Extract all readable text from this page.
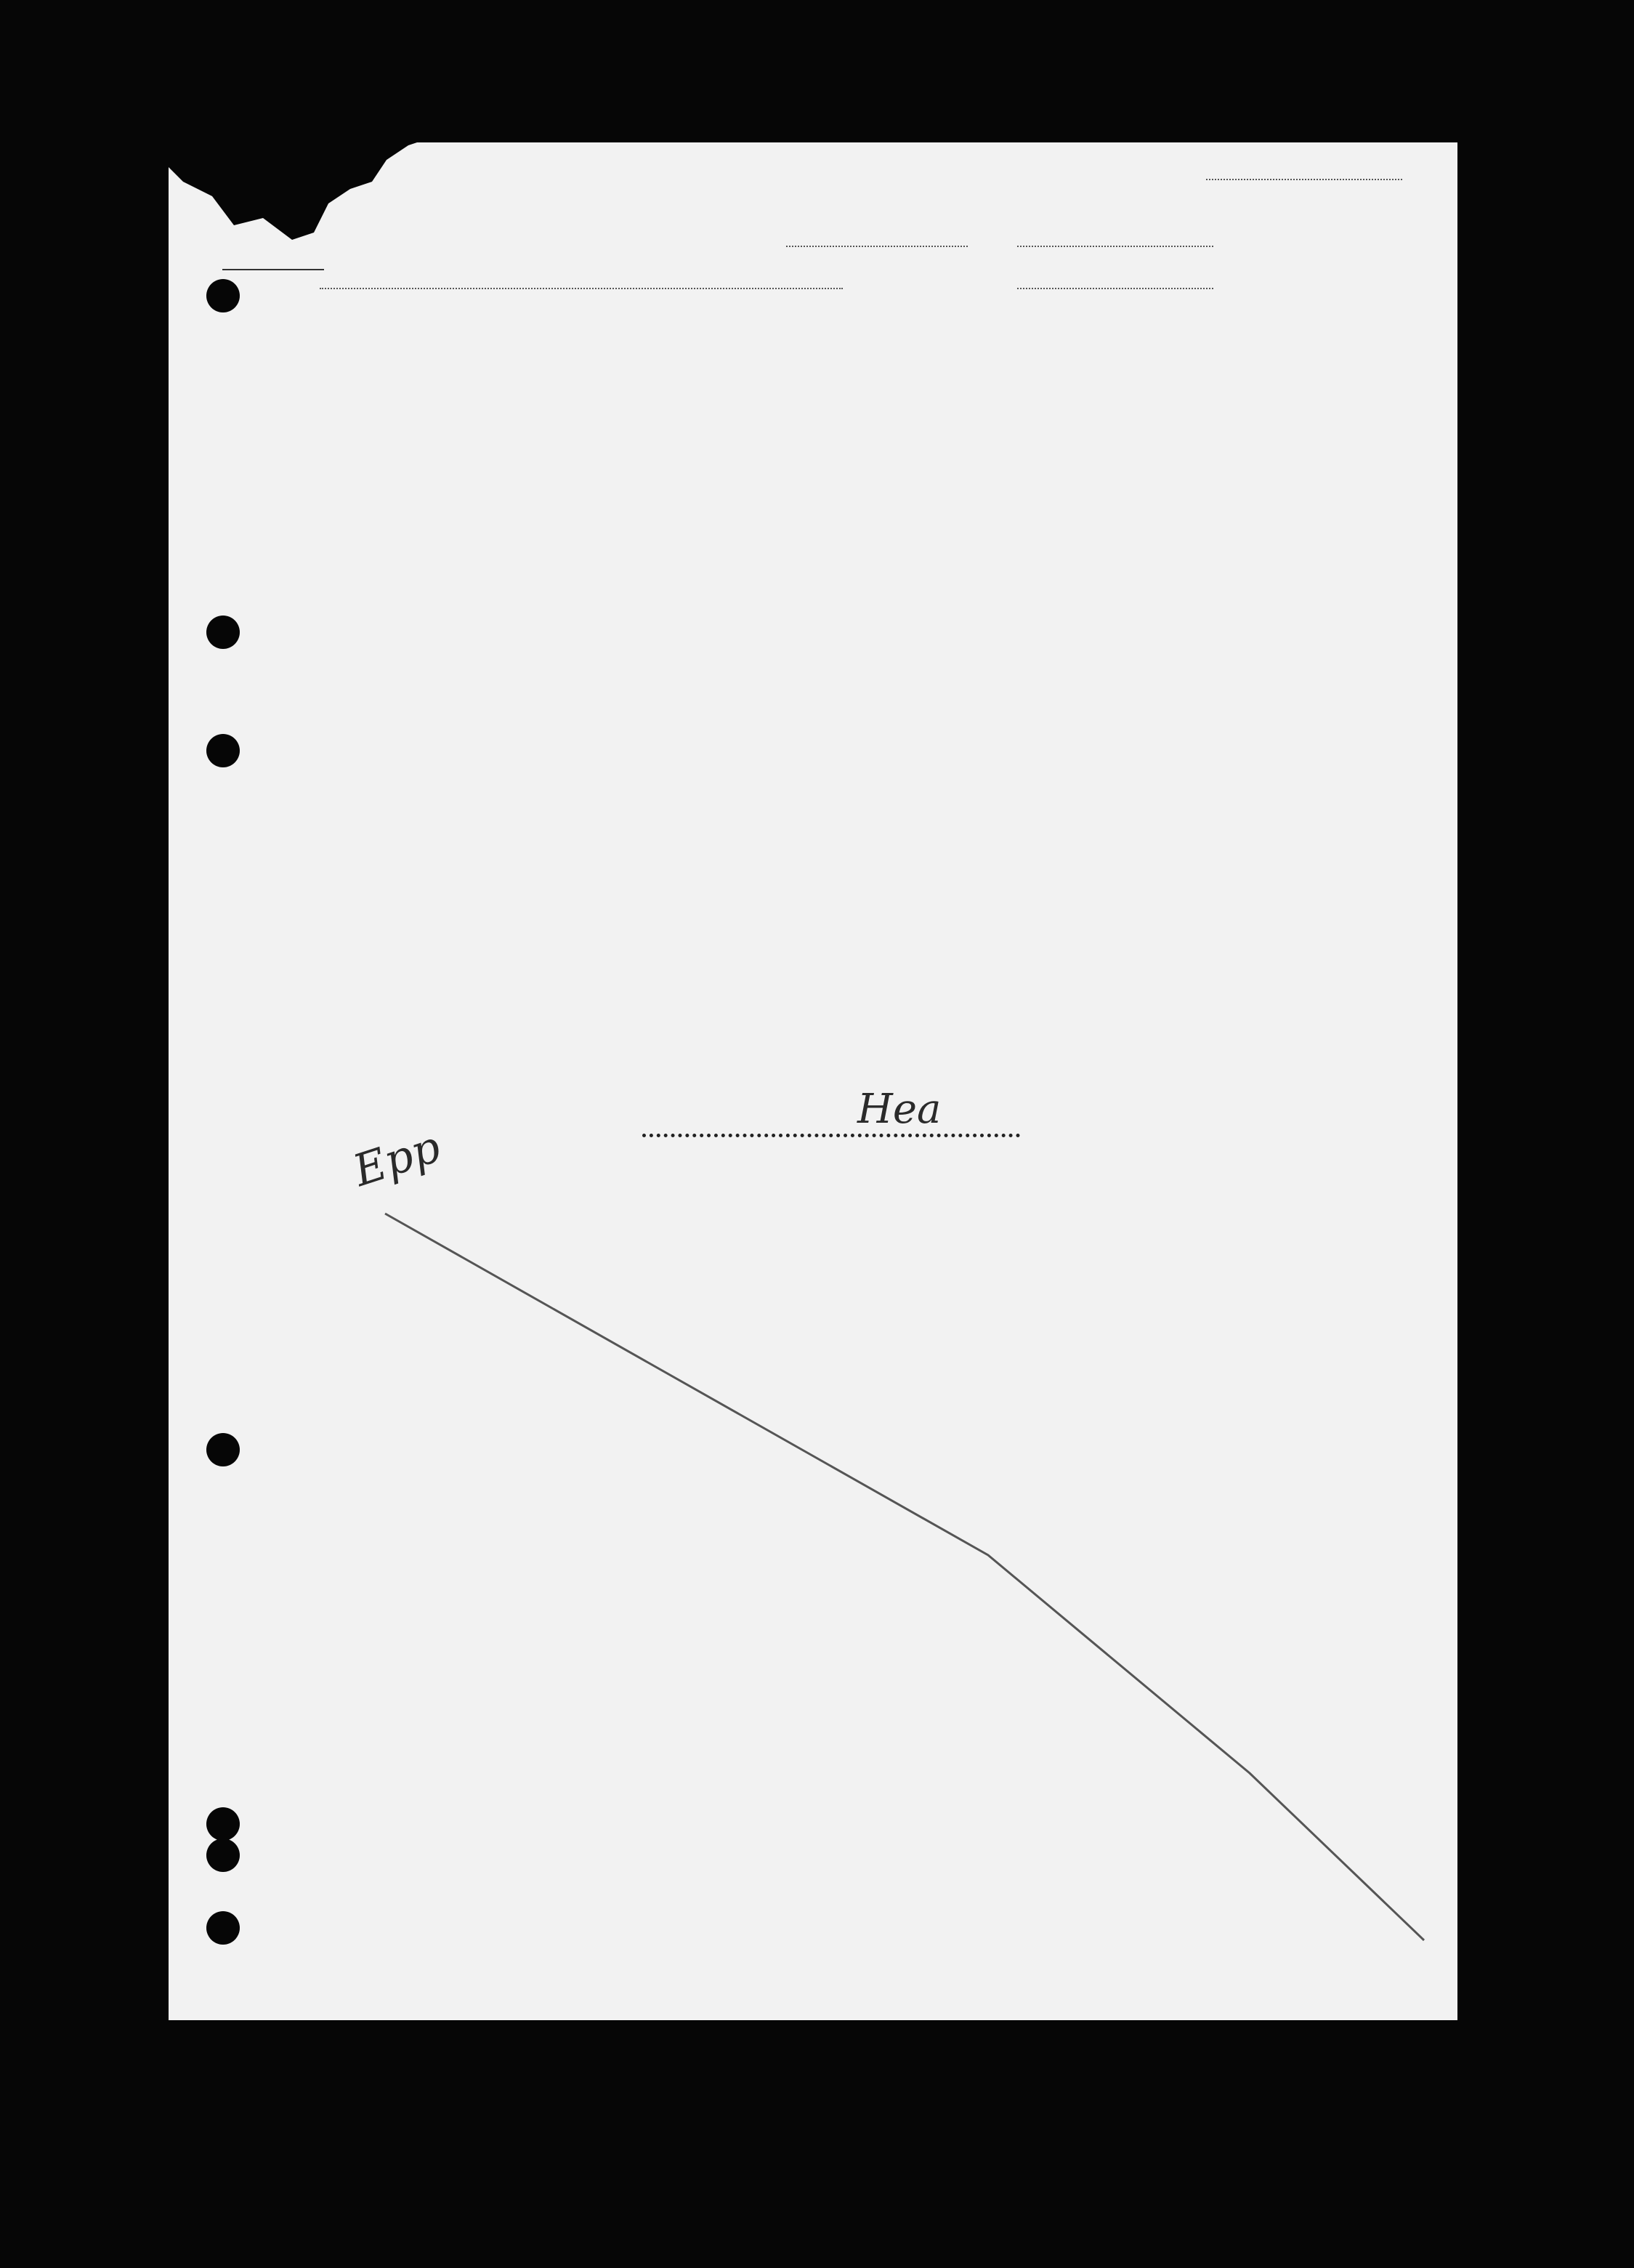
Hea
Epp
